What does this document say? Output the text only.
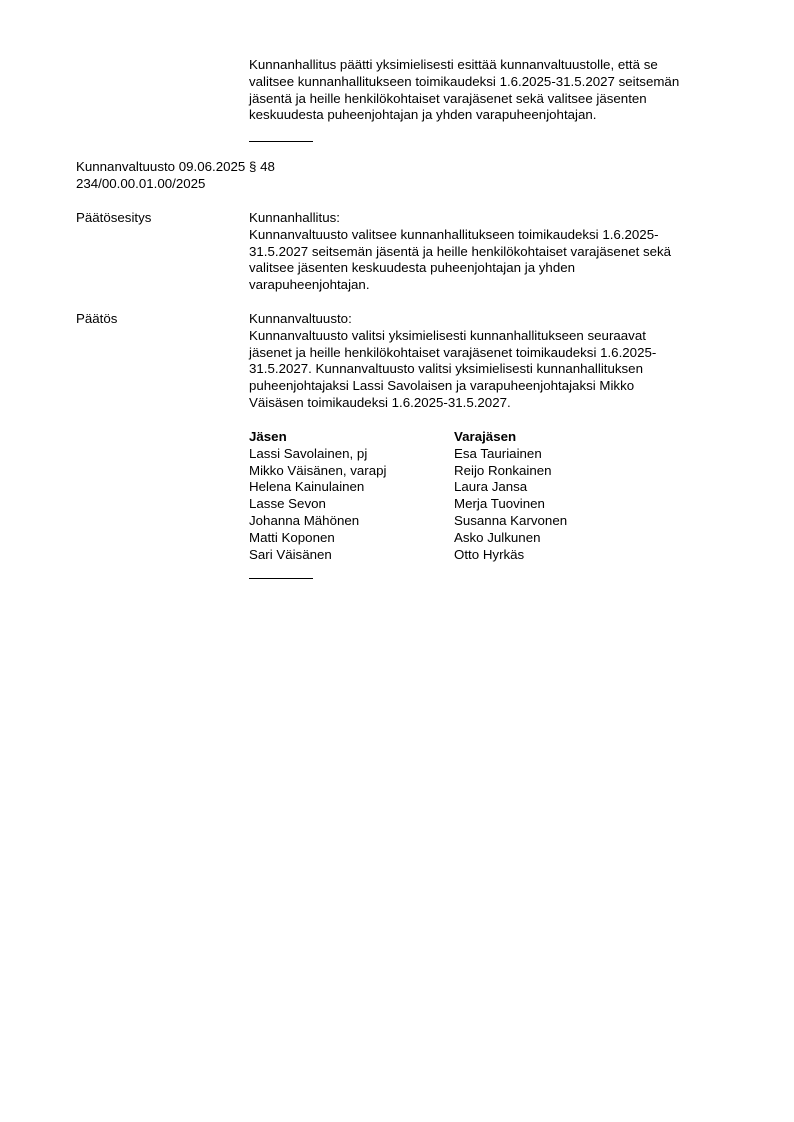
Kunnanhallitus päätti yksimielisesti esittää kunnanvaltuustolle, että se
valitsee kunnanhallitukseen toimikaudeksi 1.6.2025-31.5.2027 seitsemän
jäsentä ja heille henkilökohtaiset varajäsenet sekä valitsee jäsenten
keskuudesta puheenjohtajan ja yhden varapuheenjohtajan.
Kunnanvaltuusto 09.06.2025 § 48
234/00.00.01.00/2025
Päätösesitys	Kunnanhallitus:
Kunnanvaltuusto valitsee kunnanhallitukseen toimikaudeksi 1.6.2025-
31.5.2027 seitsemän jäsentä ja heille henkilökohtaiset varajäsenet sekä
valitsee jäsenten keskuudesta puheenjohtajan ja yhden
varapuheenjohtajan.
Päätös	Kunnanvaltuusto:
Kunnanvaltuusto valitsi yksimielisesti kunnanhallitukseen seuraavat
jäsenet ja heille henkilökohtaiset varajäsenet toimikaudeksi 1.6.2025-
31.5.2027. Kunnanvaltuusto valitsi yksimielisesti kunnanhallituksen
puheenjohtajaksi Lassi Savolaisen ja varapuheenjohtajaksi Mikko
Väisäsen toimikaudeksi 1.6.2025-31.5.2027.
Jäsen	Varajäsen
Lassi Savolainen, pj	Esa Tauriainen
Mikko Väisänen, varapj	Reijo Ronkainen
Helena Kainulainen	Laura Jansa
Lasse Sevon	Merja Tuovinen
Johanna Mähönen	Susanna Karvonen
Matti Koponen	Asko Julkunen
Sari Väisänen	Otto Hyrkäs
